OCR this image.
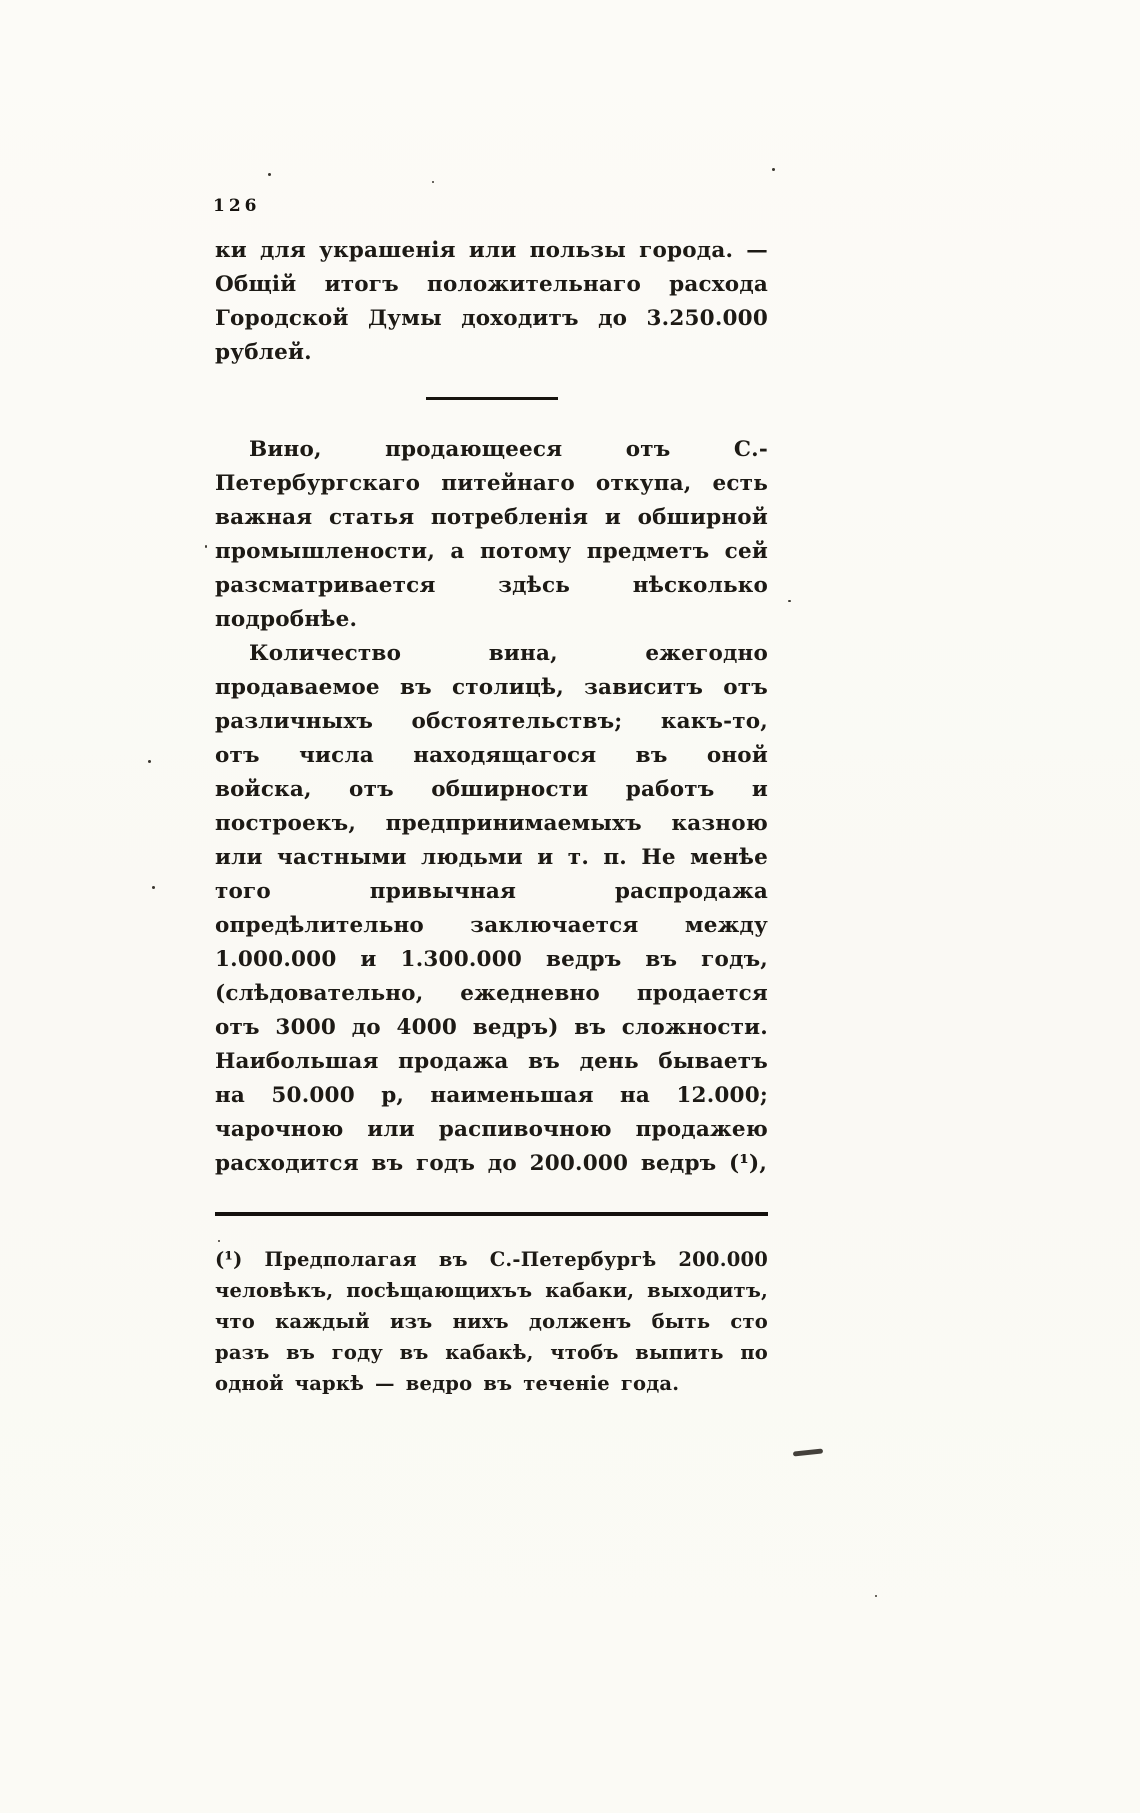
126

ки для украшенія или пользы города. — Общій итогъ положительнаго расхода Городской Думы доходитъ до 3.250.000 рублей.

Вино, продающееся отъ С.-Петербургскаго питейнаго откупа, есть важная статья потребленія и обширной промышлености, а потому предметъ сей разсматривается здѣсь нѣсколько подробнѣе.

Количество вина, ежегодно продаваемое въ столицѣ, зависитъ отъ различныхъ обстоятельствъ; какъ-то, отъ числа находящагося въ оной войска, отъ обширности работъ и построекъ, предпринимаемыхъ казною или частными людьми и т. п. Не менѣе того привычная распродажа опредѣлительно заключается между 1.000.000 и 1.300.000 ведръ въ годъ, (слѣдовательно, ежедневно продается отъ 3000 до 4000 ведръ) въ сложности. Наибольшая продажа въ день бываетъ на 50.000 р, наименьшая на 12.000; чарочною или распивочною продажею расходится въ годъ до 200.000 ведръ (¹),

(¹) Предполагая въ С.-Петербургѣ 200.000 человѣкъ, посѣщающихъъ кабаки, выходитъ, что каждый изъ нихъ долженъ быть сто разъ въ году въ кабакѣ, чтобъ выпить по одной чаркѣ — ведро въ теченіе года.
